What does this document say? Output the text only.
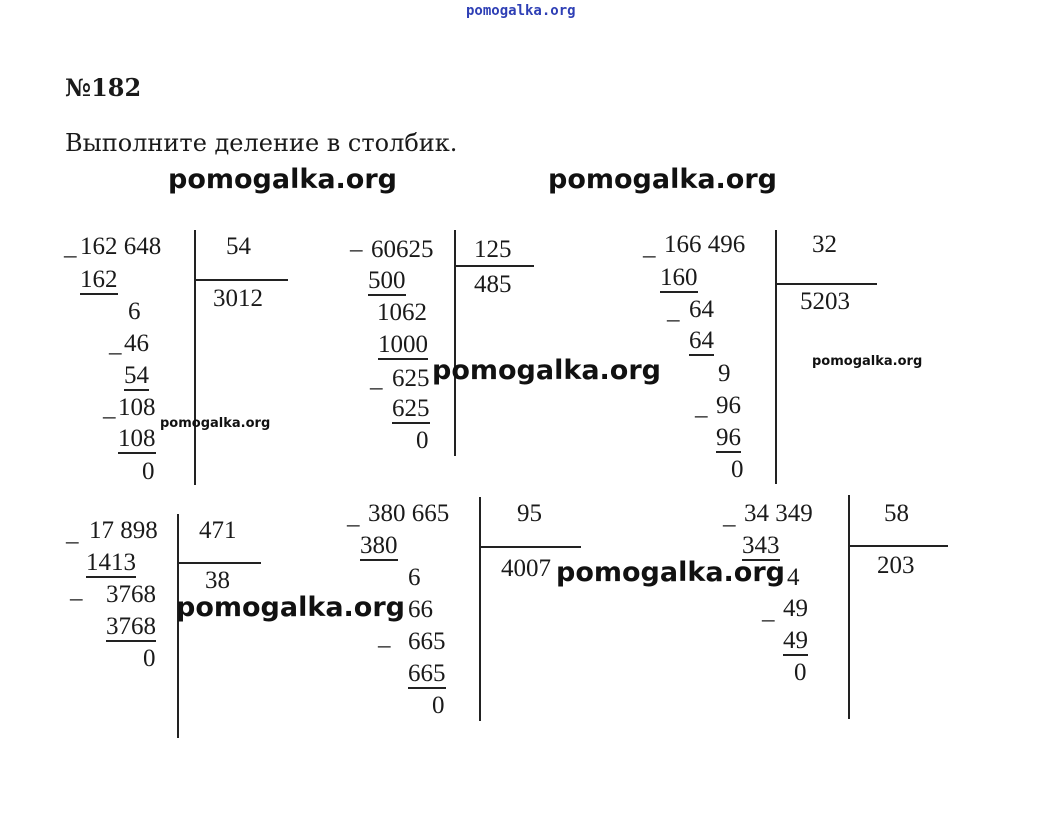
pomogalka.org
№182
Выполните деление в столбик.
pomogalka.org	pomogalka.org
_ 162 648	54
3012
162
6
_ 46
54
_ 108
108
0
pomogalka.org
– 60625 125
485
500
1062
1000
_ 625
625
0
pomogalka.org
_ 166 496	32
5203
160
_ 64
64
9
_ 96
96
0
pomogalka.org
_ 17 898 471
38
1413
– 3768
3768
0
pomogalka.org
_ 380 665	95
4007
380
6
66
– 665
665
0
pomogalka.org
_ 34 349	58
203
343
4
_ 49
49
0
